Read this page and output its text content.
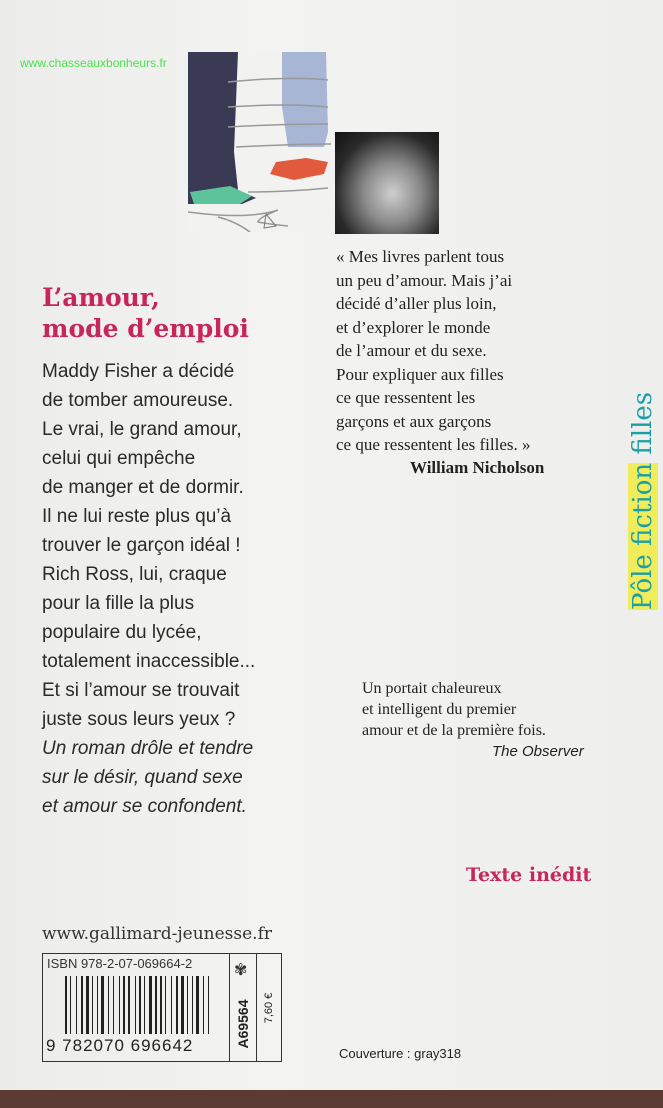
www.chasseauxbonheurs.fr
L’amour,
mode d’emploi
Maddy Fisher a décidé
de tomber amoureuse.
Le vrai, le grand amour,
celui qui empêche
de manger et de dormir.
Il ne lui reste plus qu’à
trouver le garçon idéal !
Rich Ross, lui, craque
pour la fille la plus
populaire du lycée,
totalement inaccessible...
Et si l’amour se trouvait
juste sous leurs yeux ?
Un roman drôle et tendre
sur le désir, quand sexe
et amour se confondent.
« Mes livres parlent tous
un peu d’amour. Mais j’ai
décidé d’aller plus loin,
et d’explorer le monde
de l’amour et du sexe.
Pour expliquer aux filles
ce que ressentent les
garçons et aux garçons
ce que ressentent les filles. »
William Nicholson
Un portait chaleureux
et intelligent du premier
amour et de la première fois.
The Observer
Texte inédit
Pôle fiction filles
www.gallimard-jeunesse.fr
ISBN 978-2-07-069664-2
9 782070 696642
✾
A69564 7,60 €
Couverture : gray318
